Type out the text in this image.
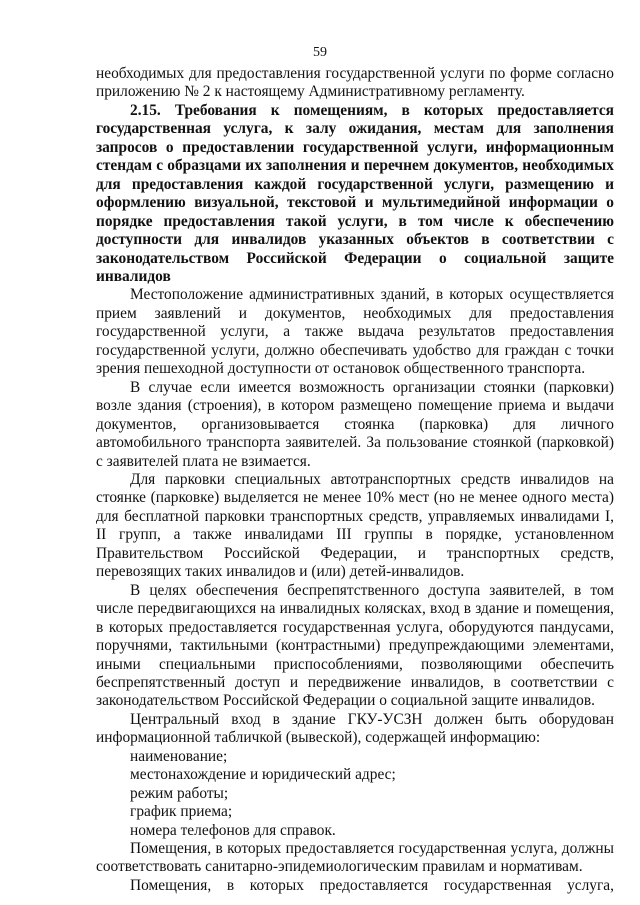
59

необходимых для предоставления государственной услуги по форме согласно приложению № 2 к настоящему Административному регламенту.

2.15. Требования к помещениям, в которых предоставляется государственная услуга, к залу ожидания, местам для заполнения запросов о предоставлении государственной услуги, информационным стендам с образцами их заполнения и перечнем документов, необходимых для предоставления каждой государственной услуги, размещению и оформлению визуальной, текстовой и мультимедийной информации о порядке предоставления такой услуги, в том числе к обеспечению доступности для инвалидов указанных объектов в соответствии с законодательством Российской Федерации о социальной защите инвалидов

Местоположение административных зданий, в которых осуществляется прием заявлений и документов, необходимых для предоставления государственной услуги, а также выдача результатов предоставления государственной услуги, должно обеспечивать удобство для граждан с точки зрения пешеходной доступности от остановок общественного транспорта.

В случае если имеется возможность организации стоянки (парковки) возле здания (строения), в котором размещено помещение приема и выдачи документов, организовывается стоянка (парковка) для личного автомобильного транспорта заявителей. За пользование стоянкой (парковкой) с заявителей плата не взимается.

Для парковки специальных автотранспортных средств инвалидов на стоянке (парковке) выделяется не менее 10% мест (но не менее одного места) для бесплатной парковки транспортных средств, управляемых инвалидами I, II групп, а также инвалидами III группы в порядке, установленном Правительством Российской Федерации, и транспортных средств, перевозящих таких инвалидов и (или) детей-инвалидов.

В целях обеспечения беспрепятственного доступа заявителей, в том числе передвигающихся на инвалидных колясках, вход в здание и помещения, в которых предоставляется государственная услуга, оборудуются пандусами, поручнями, тактильными (контрастными) предупреждающими элементами, иными специальными приспособлениями, позволяющими обеспечить беспрепятственный доступ и передвижение инвалидов, в соответствии с законодательством Российской Федерации о социальной защите инвалидов.

Центральный вход в здание ГКУ-УСЗН должен быть оборудован информационной табличкой (вывеской), содержащей информацию:

наименование;

местонахождение и юридический адрес;

режим работы;

график приема;

номера телефонов для справок.

Помещения, в которых предоставляется государственная услуга, должны соответствовать санитарно-эпидемиологическим правилам и нормативам.

Помещения, в которых предоставляется государственная услуга,
